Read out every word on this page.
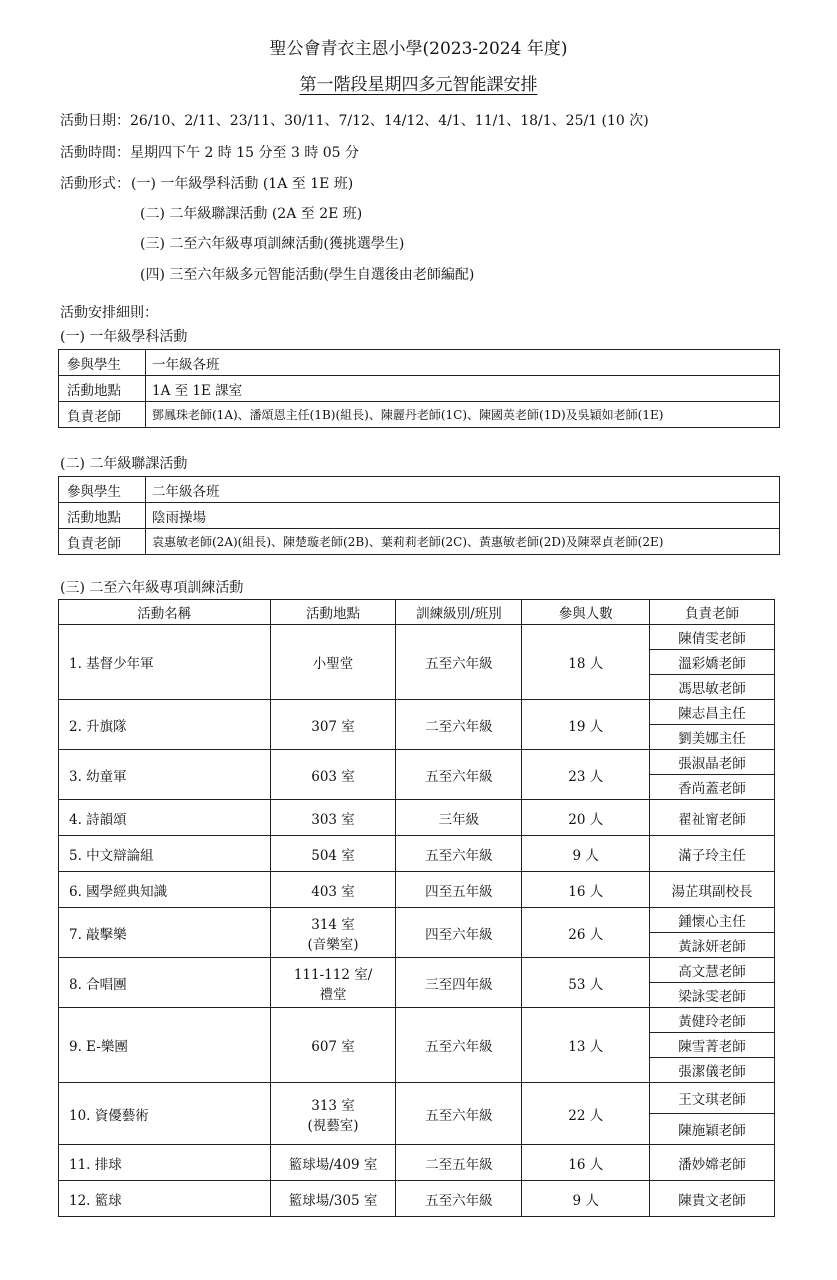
聖公會青衣主恩小學(2023-2024 年度)
第一階段星期四多元智能課安排
活動日期：26/10、2/11、23/11、30/11、7/12、14/12、4/1、11/1、18/1、25/1 (10 次)
活動時間：星期四下午 2 時 15 分至 3 時 05 分
活動形式： (一) 一年級學科活動 (1A 至 1E 班)
(二) 二年級聯課活動 (2A 至 2E 班)
(三) 二至六年級專項訓練活動(獲挑選學生)
(四) 三至六年級多元智能活動(學生自選後由老師編配)
活動安排細則：
(一) 一年級學科活動
參與學生	一年級各班
活動地點	1A 至 1E 課室
負責老師	鄧鳳珠老師(1A)、潘頌恩主任(1B)(組長)、陳麗丹老師(1C)、陳國英老師(1D)及吳穎如老師(1E)
(二) 二年級聯課活動
參與學生	二年級各班
活動地點	陰雨操場
負責老師	袁惠敏老師(2A)(組長)、陳楚璇老師(2B)、葉莉莉老師(2C)、黃惠敏老師(2D)及陳翠貞老師(2E)
(三) 二至六年級專項訓練活動
活動名稱	活動地點	訓練級別/班別	參與人數	負責老師
1. 基督少年軍	小聖堂	五至六年級	18 人	陳倩雯老師
				溫彩嬌老師
				馮思敏老師
2. 升旗隊	307 室	二至六年級	19 人	陳志昌主任
				劉美娜主任
3. 幼童軍	603 室	五至六年級	23 人	張淑晶老師
				香尚蓋老師
4. 詩韻頌	303 室	三年級	20 人	翟祉甯老師
5. 中文辯論組	504 室	五至六年級	9 人	滿子玲主任
6. 國學經典知識	403 室	四至五年級	16 人	湯芷琪副校長
7. 敲擊樂	314 室
(音樂室)	四至六年級	26 人	鍾懷心主任
				黃詠妍老師
8. 合唱團	111-112 室/
禮堂	三至四年級	53 人	高文慧老師
				梁詠雯老師
9. E-樂團	607 室	五至六年級	13 人	黃健玲老師
				陳雪菁老師
				張潔儀老師
10. 資優藝術	313 室
(視藝室)	五至六年級	22 人	王文琪老師
				陳施穎老師
11. 排球	籃球場/409 室	二至五年級	16 人	潘妙嫦老師
12. 籃球	籃球場/305 室	五至六年級	9 人	陳貴文老師
